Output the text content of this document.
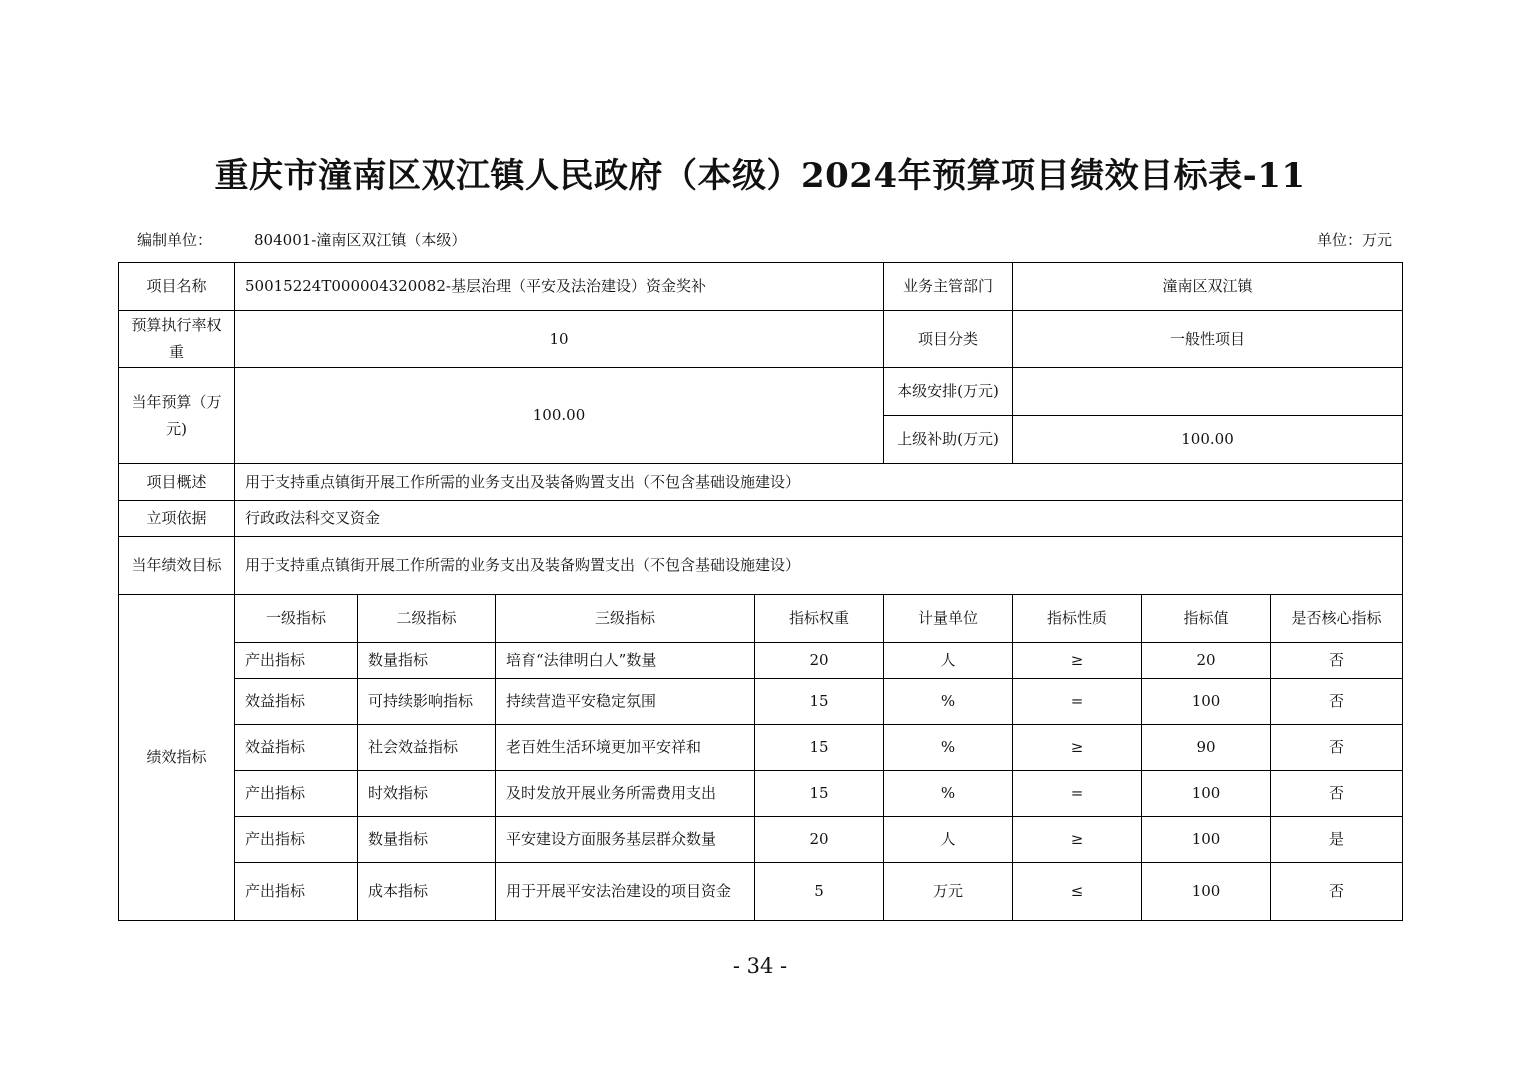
重庆市潼南区双江镇人民政府（本级）2024年预算项目绩效目标表-11
编制单位：	804001-潼南区双江镇（本级）	单位：万元
项目名称	50015224T000004320082-基层治理（平安及法治建设）资金奖补				业务主管部门	潼南区双江镇		
预算执行率权重	10				项目分类	一般性项目		
当年预算（万元)	100.00				本级安排(万元)			
					上级补助(万元)	100.00		
项目概述	用于支持重点镇街开展工作所需的业务支出及装备购置支出（不包含基础设施建设）							
立项依据	行政政法科交叉资金							
当年绩效目标	用于支持重点镇街开展工作所需的业务支出及装备购置支出（不包含基础设施建设）							
绩效指标	一级指标	二级指标	三级指标	指标权重	计量单位	指标性质	指标值	是否核心指标
	产出指标	数量指标	培育“法律明白人”数量	20	人	≥	20	否
	效益指标	可持续影响指标	持续营造平安稳定氛围	15	%	=	100	否
	效益指标	社会效益指标	老百姓生活环境更加平安祥和	15	%	≥	90	否
	产出指标	时效指标	及时发放开展业务所需费用支出	15	%	=	100	否
	产出指标	数量指标	平安建设方面服务基层群众数量	20	人	≥	100	是
	产出指标	成本指标	用于开展平安法治建设的项目资金	5	万元	≤	100	否
- 34 -
